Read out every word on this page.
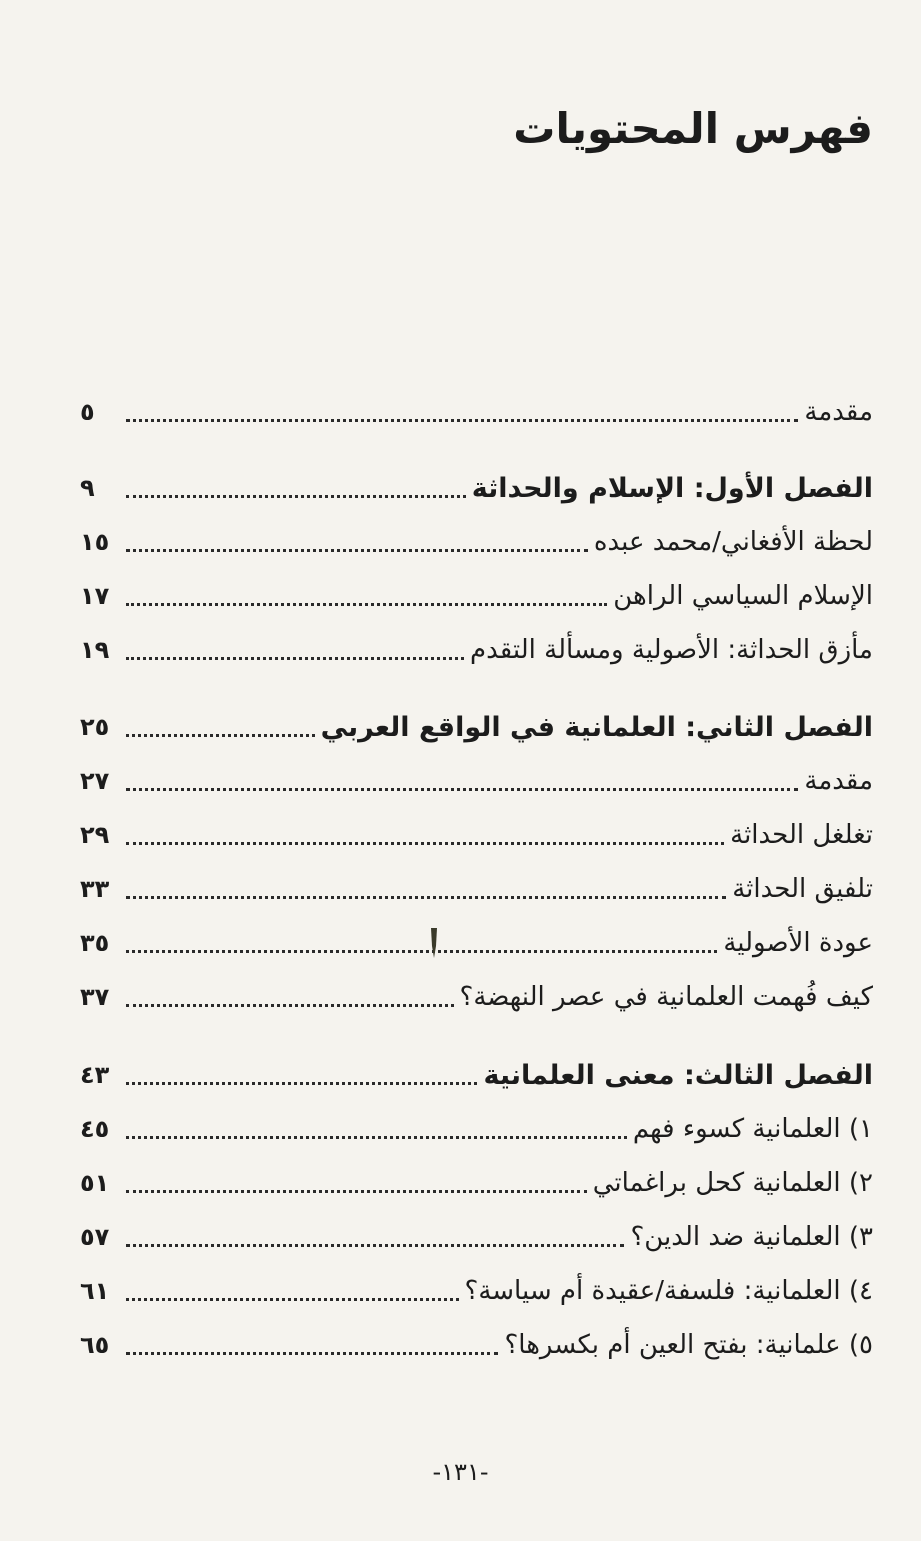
فهرس المحتويات
مقدمة
٥
الفصل الأول: الإسلام والحداثة
٩
لحظة الأفغاني/محمد عبده
١٥
الإسلام السياسي الراهن
١٧
مأزق الحداثة: الأصولية ومسألة التقدم
١٩
الفصل الثاني: العلمانية في الواقع العربي
٢٥
مقدمة
٢٧
تغلغل الحداثة
٢٩
تلفيق الحداثة
٣٣
عودة الأصولية
٣٥
كيف فُهمت العلمانية في عصر النهضة؟
٣٧
الفصل الثالث: معنى العلمانية
٤٣
١) العلمانية كسوء فهم
٤٥
٢) العلمانية كحل براغماتي
٥١
٣) العلمانية ضد الدين؟
٥٧
٤) العلمانية: فلسفة/عقيدة أم سياسة؟
٦١
٥) علمانية: بفتح العين أم بكسرها؟
٦٥
-١٣١-
